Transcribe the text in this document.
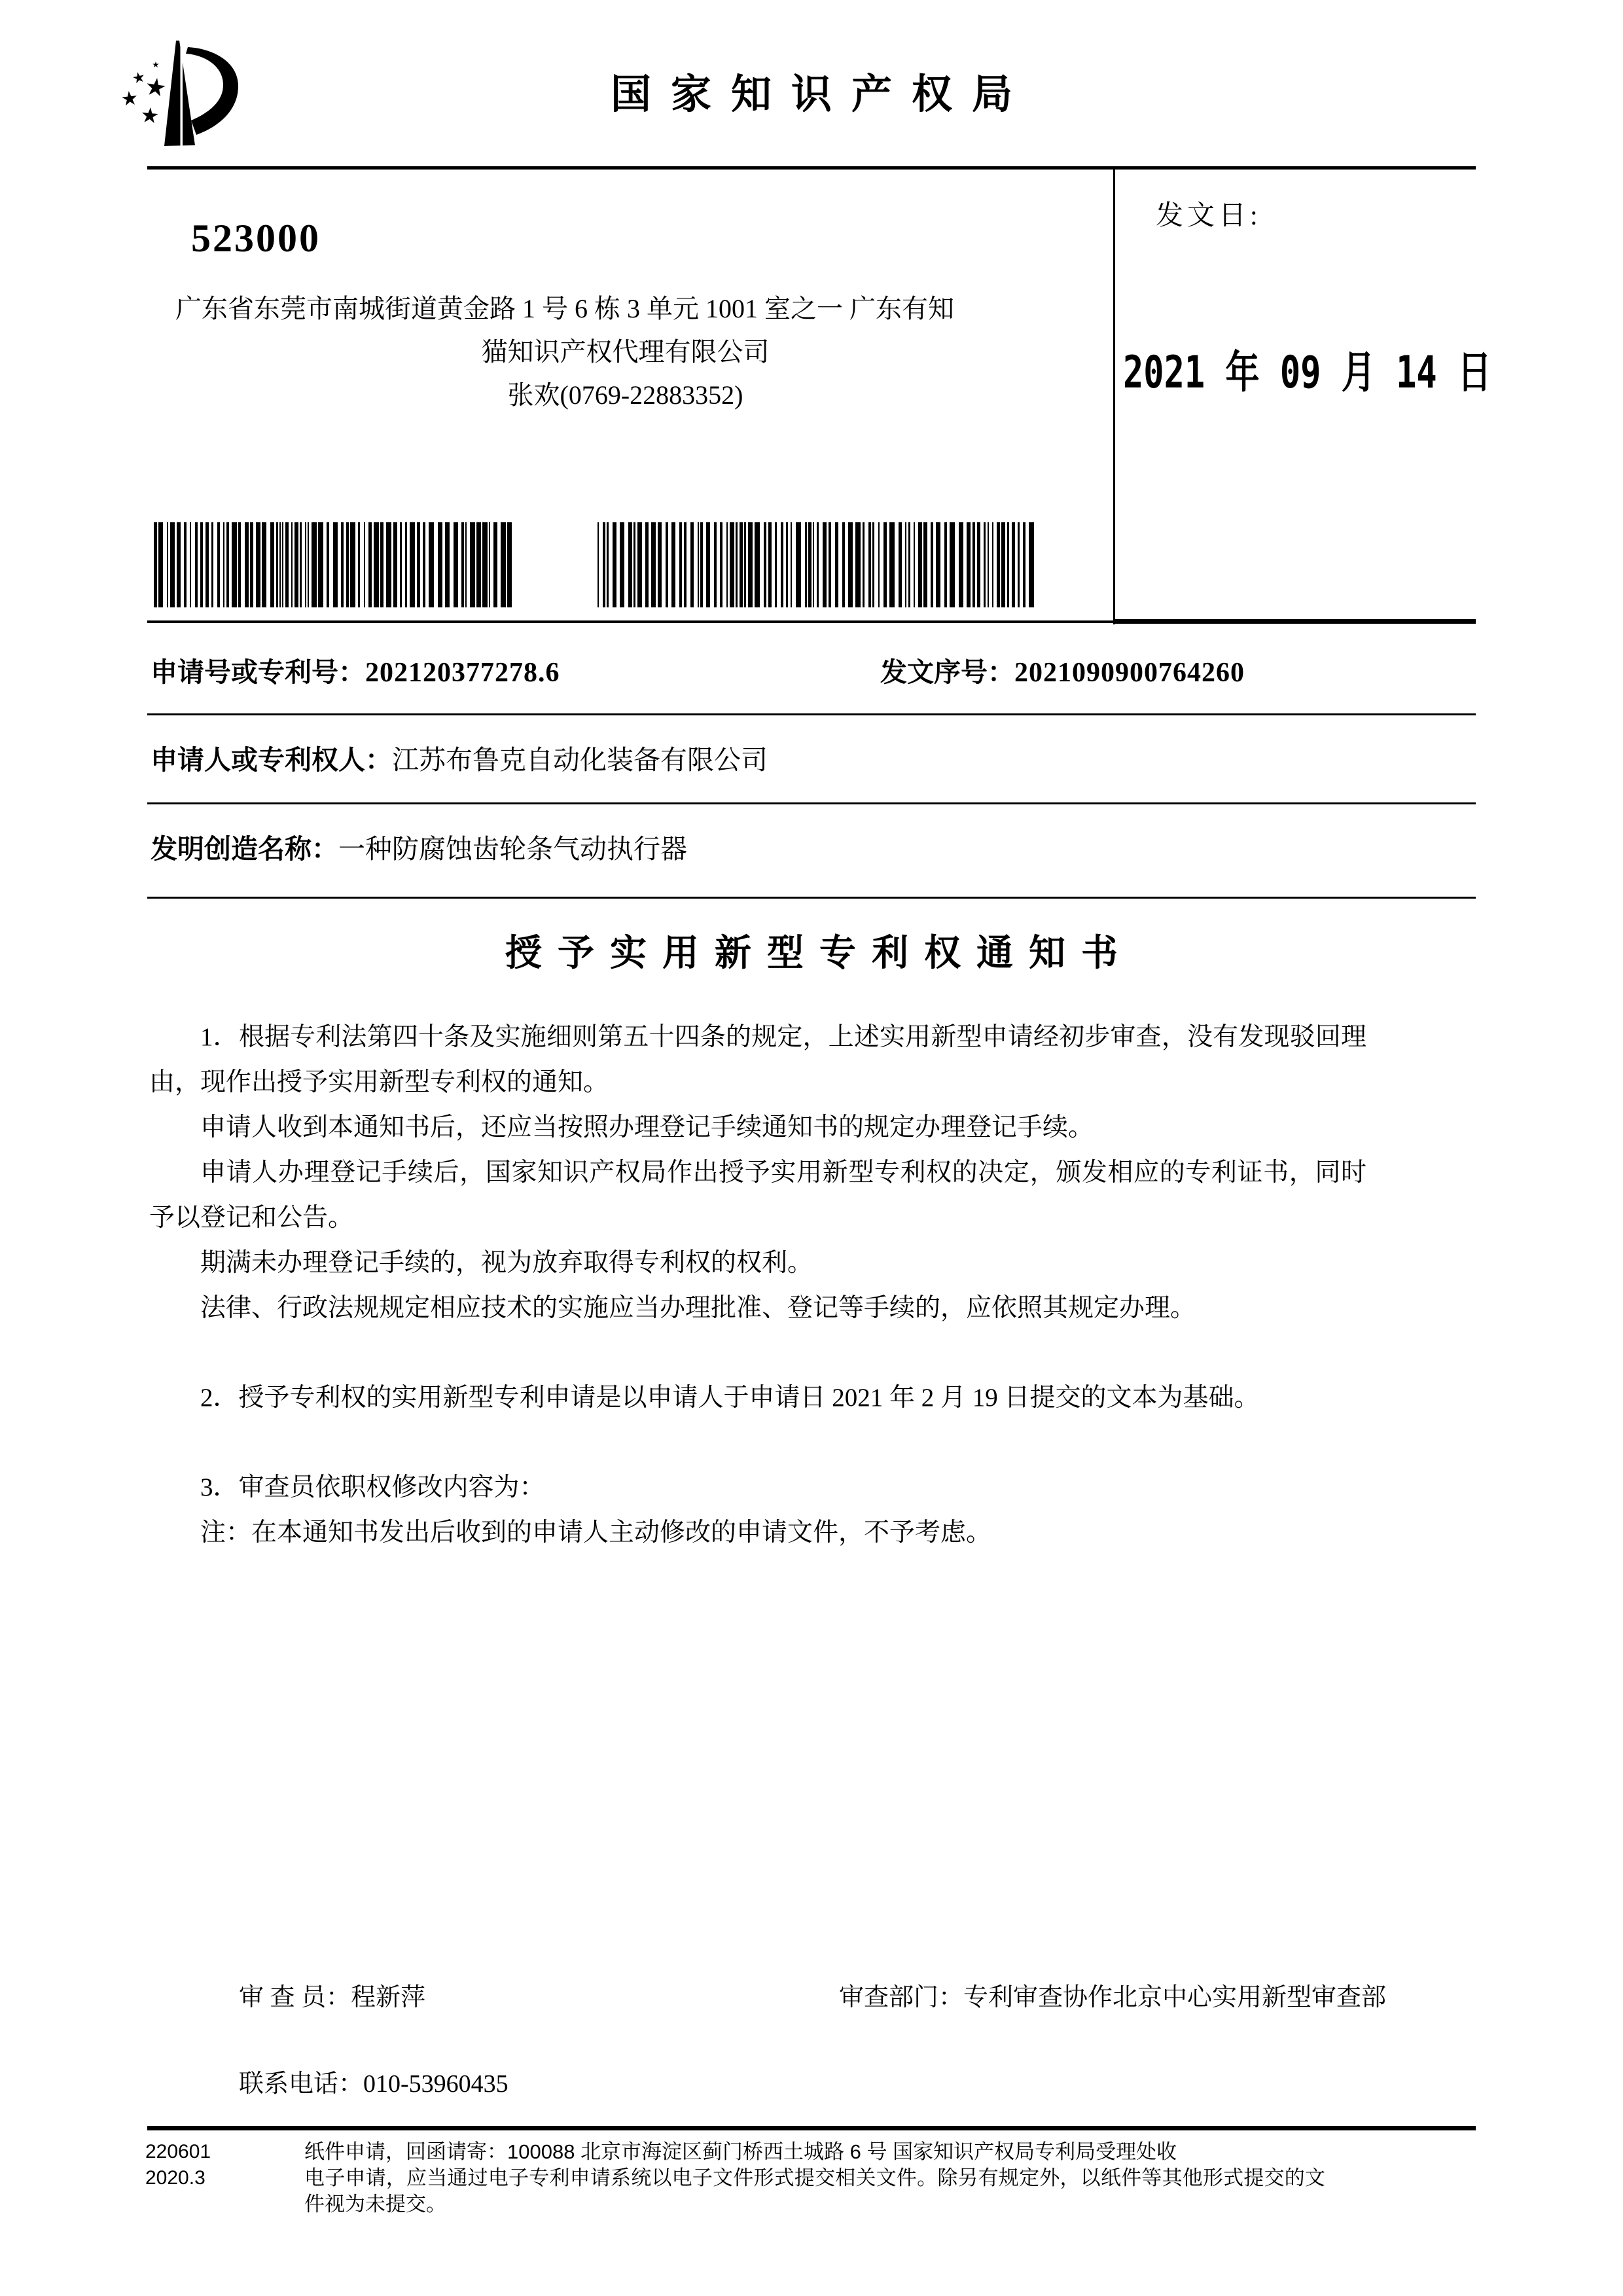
国家知识产权局
523000
广东省东莞市南城街道黄金路 1 号 6 栋 3 单元 1001 室之一 广东有知
猫知识产权代理有限公司
张欢(0769-22883352)
发文日:
2021 年 09 月 14 日
申请号或专利号：202120377278.6	发文序号：2021090900764260
申请人或专利权人：江苏布鲁克自动化装备有限公司
发明创造名称：一种防腐蚀齿轮条气动执行器
授予实用新型专利权通知书

1．根据专利法第四十条及实施细则第五十四条的规定，上述实用新型申请经初步审查，没有发现驳回理由，现作出授予实用新型专利权的通知。

申请人收到本通知书后，还应当按照办理登记手续通知书的规定办理登记手续。

申请人办理登记手续后，国家知识产权局作出授予实用新型专利权的决定，颁发相应的专利证书，同时予以登记和公告。

期满未办理登记手续的，视为放弃取得专利权的权利。

法律、行政法规规定相应技术的实施应当办理批准、登记等手续的，应依照其规定办理。

2．授予专利权的实用新型专利申请是以申请人于申请日 2021 年 2 月 19 日提交的文本为基础。

3．审查员依职权修改内容为：

注：在本通知书发出后收到的申请人主动修改的申请文件，不予考虑。

审 查 员：程新萍	审查部门：专利审查协作北京中心实用新型审查部
联系电话：010-53960435
220601
2020.3
纸件申请，回函请寄：100088 北京市海淀区蓟门桥西土城路 6 号 国家知识产权局专利局受理处收
电子申请，应当通过电子专利申请系统以电子文件形式提交相关文件。除另有规定外，以纸件等其他形式提交的文件视为未提交。
